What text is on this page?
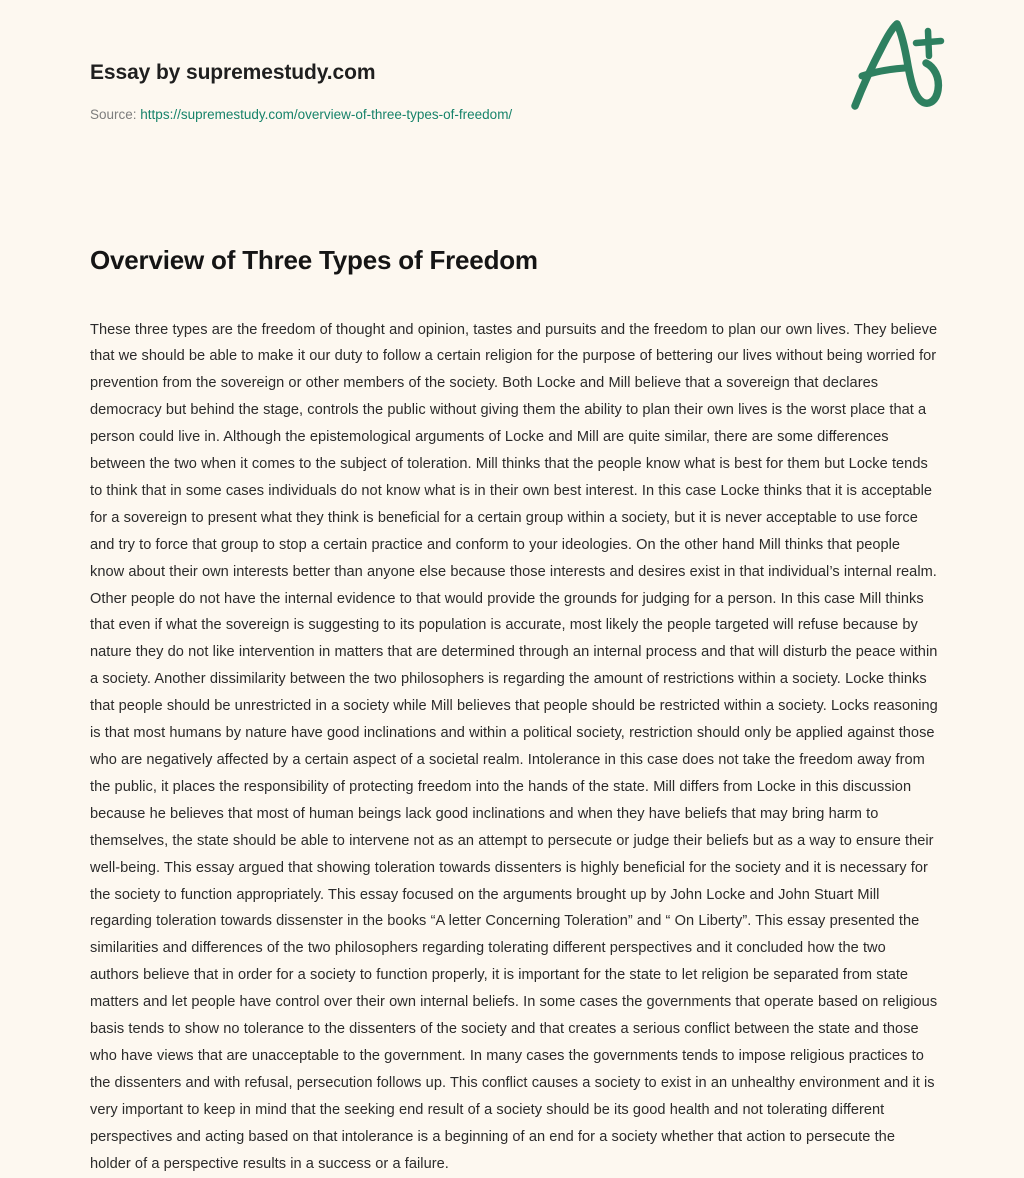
Essay by supremestudy.com
Source: https://supremestudy.com/overview-of-three-types-of-freedom/
Overview of Three Types of Freedom

These three types are the freedom of thought and opinion, tastes and pursuits and the freedom to plan our own lives. They believe that we should be able to make it our duty to follow a certain religion for the purpose of bettering our lives without being worried for prevention from the sovereign or other members of the society. Both Locke and Mill believe that a sovereign that declares democracy but behind the stage, controls the public without giving them the ability to plan their own lives is the worst place that a person could live in. Although the epistemological arguments of Locke and Mill are quite similar, there are some differences between the two when it comes to the subject of toleration. Mill thinks that the people know what is best for them but Locke tends to think that in some cases individuals do not know what is in their own best interest. In this case Locke thinks that it is acceptable for a sovereign to present what they think is beneficial for a certain group within a society, but it is never acceptable to use force and try to force that group to stop a certain practice and conform to your ideologies. On the other hand Mill thinks that people know about their own interests better than anyone else because those interests and desires exist in that individual’s internal realm. Other people do not have the internal evidence to that would provide the grounds for judging for a person. In this case Mill thinks that even if what the sovereign is suggesting to its population is accurate, most likely the people targeted will refuse because by nature they do not like intervention in matters that are determined through an internal process and that will disturb the peace within a society. Another dissimilarity between the two philosophers is regarding the amount of restrictions within a society. Locke thinks that people should be unrestricted in a society while Mill believes that people should be restricted within a society. Locks reasoning is that most humans by nature have good inclinations and within a political society, restriction should only be applied against those who are negatively affected by a certain aspect of a societal realm. Intolerance in this case does not take the freedom away from the public, it places the responsibility of protecting freedom into the hands of the state. Mill differs from Locke in this discussion because he believes that most of human beings lack good inclinations and when they have beliefs that may bring harm to themselves, the state should be able to intervene not as an attempt to persecute or judge their beliefs but as a way to ensure their well-being. This essay argued that showing toleration towards dissenters is highly beneficial for the society and it is necessary for the society to function appropriately. This essay focused on the arguments brought up by John Locke and John Stuart Mill regarding toleration towards dissenster in the books “A letter Concerning Toleration” and “ On Liberty”. This essay presented the similarities and differences of the two philosophers regarding tolerating different perspectives and it concluded how the two authors believe that in order for a society to function properly, it is important for the state to let religion be separated from state matters and let people have control over their own internal beliefs. In some cases the governments that operate based on religious basis tends to show no tolerance to the dissenters of the society and that creates a serious conflict between the state and those who have views that are unacceptable to the government. In many cases the governments tends to impose religious practices to the dissenters and with refusal, persecution follows up. This conflict causes a society to exist in an unhealthy environment and it is very important to keep in mind that the seeking end result of a society should be its good health and not tolerating different perspectives and acting based on that intolerance is a beginning of an end for a society whether that action to persecute the holder of a perspective results in a success or a failure.
